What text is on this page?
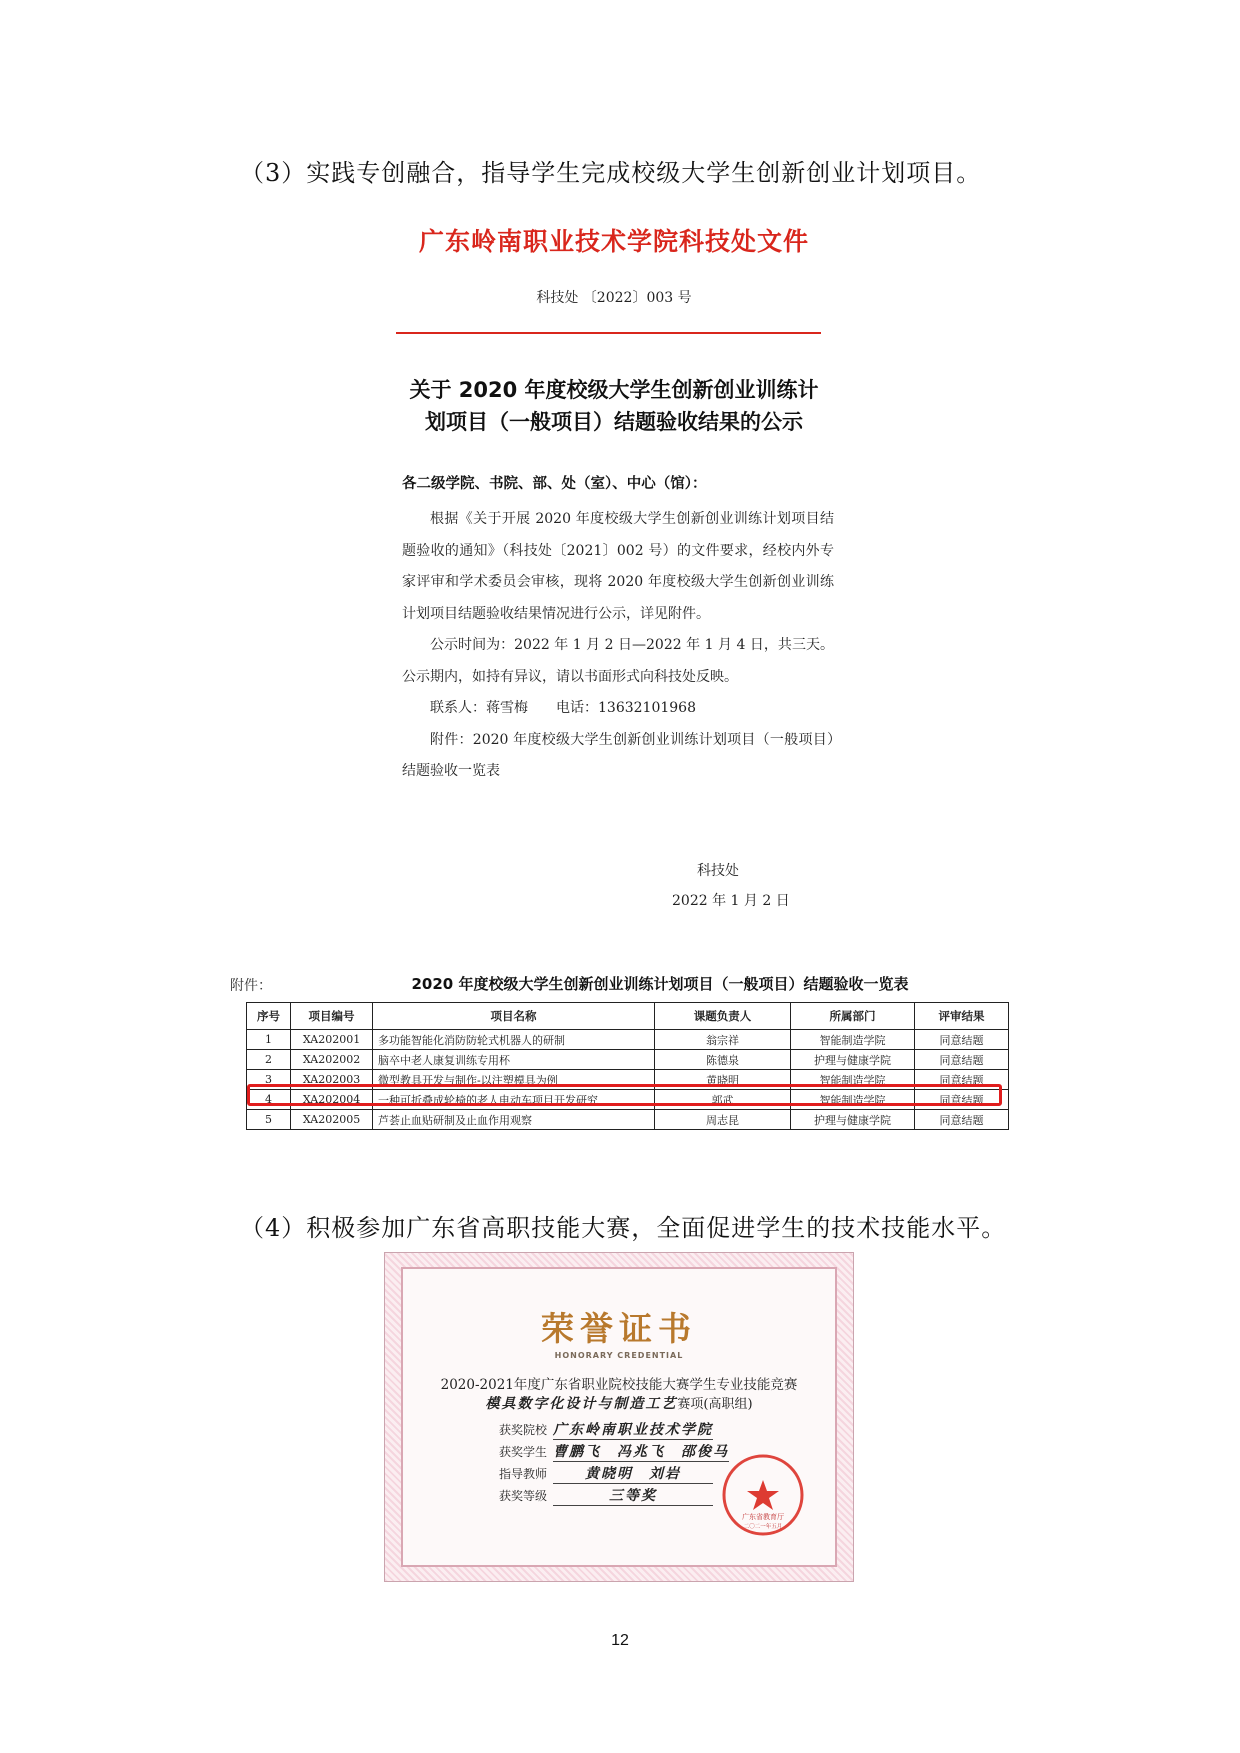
（3）实践专创融合，指导学生完成校级大学生创新创业计划项目。
广东岭南职业技术学院科技处文件
科技处 〔2022〕003 号
关于 2020 年度校级大学生创新创业训练计
划项目（一般项目）结题验收结果的公示
各二级学院、书院、部、处（室）、中心（馆）：

根据《关于开展 2020 年度校级大学生创新创业训练计划项目结题验收的通知》（科技处〔2021〕002 号）的文件要求，经校内外专家评审和学术委员会审核，现将 2020 年度校级大学生创新创业训练计划项目结题验收结果情况进行公示，详见附件。

公示时间为：2022 年 1 月 2 日—2022 年 1 月 4 日，共三天。公示期内，如持有异议，请以书面形式向科技处反映。

联系人：蒋雪梅　　电话：13632101968

附件：2020 年度校级大学生创新创业训练计划项目（一般项目）结题验收一览表

科技处
2022 年 1 月 2 日
附件：	2020 年度校级大学生创新创业训练计划项目（一般项目）结题验收一览表
序号	项目编号	项目名称	课题负责人	所属部门	评审结果
1	XA202001	多功能智能化消防防轮式机器人的研制	翁宗祥	智能制造学院	同意结题
2	XA202002	脑卒中老人康复训练专用杯	陈德泉	护理与健康学院	同意结题
3	XA202003	微型教具开发与制作-以注塑模具为例	黄晓明	智能制造学院	同意结题
4	XA202004	一种可折叠成轮椅的老人电动车项目开发研究	郭武	智能制造学院	同意结题
5	XA202005	芦荟止血贴研制及止血作用观察	周志昆	护理与健康学院	同意结题
（4）积极参加广东省高职技能大赛，全面促进学生的技术技能水平。
荣誉证书
HONORARY CREDENTIAL
2020-2021年度广东省职业院校技能大赛学生专业技能竞赛
模具数字化设计与制造工艺赛项(高职组)
获奖院校 广东岭南职业技术学院
获奖学生 曹鹏飞　冯兆飞　邵俊马
指导教师	黄晓明　刘岩
获奖等级	三等奖
广东省教育厅
二〇二一年五月
12
